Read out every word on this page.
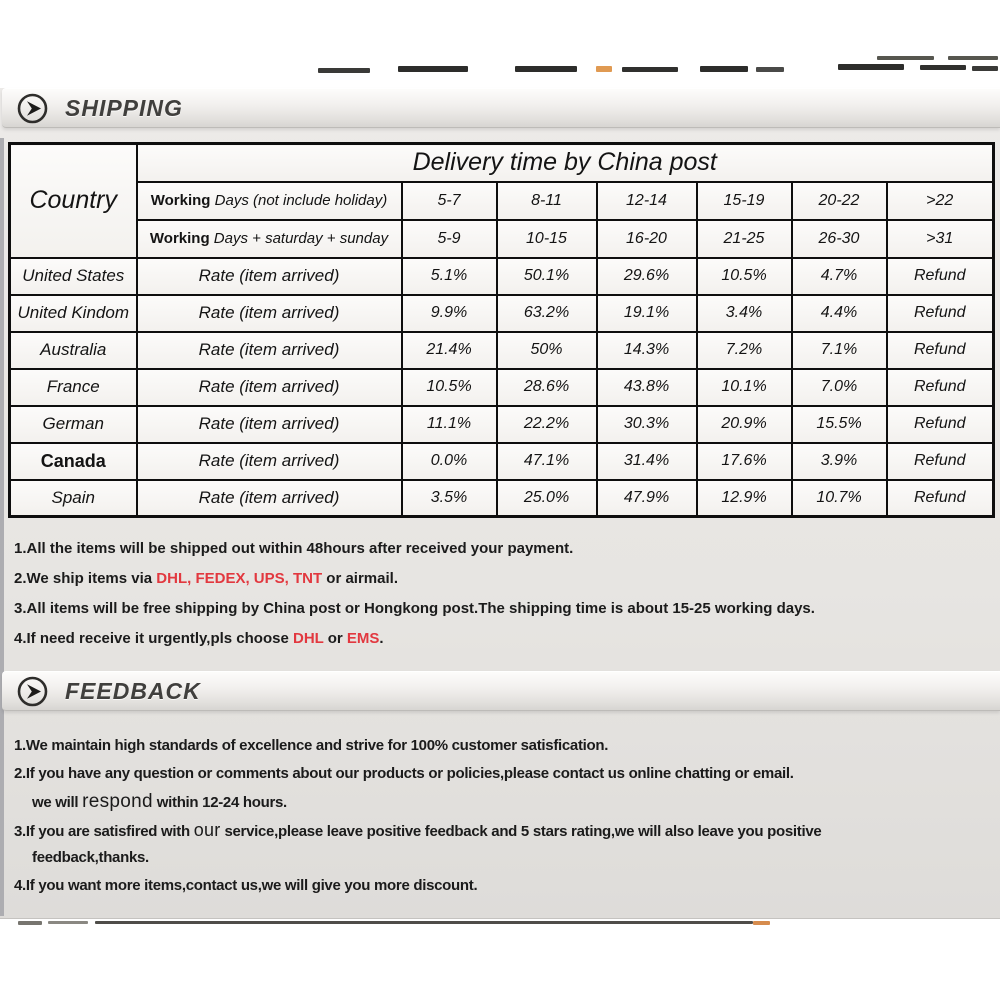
SHIPPING
Country	Delivery time by China post						
	Working Days (not include holiday)	5-7	8-11	12-14	15-19	20-22	>22
	Working Days + saturday + sunday	5-9	10-15	16-20	21-25	26-30	>31
United States	Rate (item arrived)	5.1%	50.1%	29.6%	10.5%	4.7%	Refund
United Kindom	Rate (item arrived)	9.9%	63.2%	19.1%	3.4%	4.4%	Refund
Australia	Rate (item arrived)	21.4%	50%	14.3%	7.2%	7.1%	Refund
France	Rate (item arrived)	10.5%	28.6%	43.8%	10.1%	7.0%	Refund
German	Rate (item arrived)	11.1%	22.2%	30.3%	20.9%	15.5%	Refund
Canada	Rate (item arrived)	0.0%	47.1%	31.4%	17.6%	3.9%	Refund
Spain	Rate (item arrived)	3.5%	25.0%	47.9%	12.9%	10.7%	Refund
1.All the items will be shipped out within 48hours after received your payment.
2.We ship items via DHL, FEDEX, UPS, TNT or airmail.
3.All items will be free shipping by China post or Hongkong post.The shipping time is about 15-25 working days.
4.If need receive it urgently,pls choose DHL or EMS.
FEEDBACK
1.We maintain high standards of excellence and strive for 100% customer satisfication.
2.If you have any question or comments about our products or policies,please contact us online chatting or email.
we will respond within 12-24 hours.
3.If you are satisfired with our service,please leave positive feedback and 5 stars rating,we will also leave you positive
feedback,thanks.
4.If you want more items,contact us,we will give you more discount.
